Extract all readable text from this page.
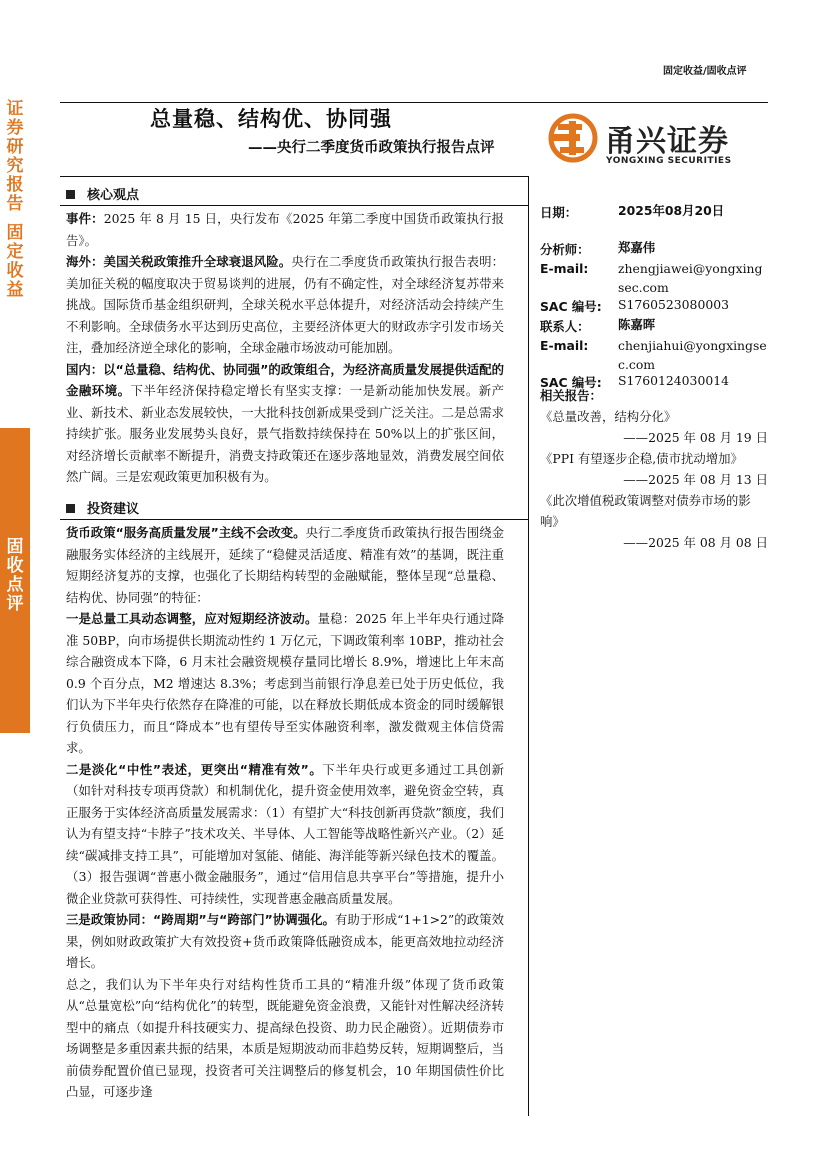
证
券
研
究
报
告
固
定
收
益
固
收
点
评
固定收益/固收点评
总量稳、结构优、协同强
——央行二季度货币政策执行报告点评	甬兴证券
YONGXING SECURITIES
核心观点

事件：2025 年 8 月 15 日，央行发布《2025 年第二季度中国货币政策执行报告》。

海外：美国关税政策推升全球衰退风险。央行在二季度货币政策执行报告表明：美加征关税的幅度取决于贸易谈判的进展，仍有不确定性，对全球经济复苏带来挑战。国际货币基金组织研判，全球关税水平总体提升，对经济活动会持续产生不利影响。全球债务水平达到历史高位，主要经济体更大的财政赤字引发市场关注，叠加经济逆全球化的影响，全球金融市场波动可能加剧。

国内：以“总量稳、结构优、协同强”的政策组合，为经济高质量发展提供适配的金融环境。下半年经济保持稳定增长有坚实支撑：一是新动能加快发展。新产业、新技术、新业态发展较快，一大批科技创新成果受到广泛关注。二是总需求持续扩张。服务业发展势头良好，景气指数持续保持在 50%以上的扩张区间，对经济增长贡献率不断提升，消费支持政策还在逐步落地显效，消费发展空间依然广阔。三是宏观政策更加积极有为。

投资建议

货币政策“服务高质量发展”主线不会改变。央行二季度货币政策执行报告围绕金融服务实体经济的主线展开，延续了“稳健灵活适度、精准有效”的基调，既注重短期经济复苏的支撑，也强化了长期结构转型的金融赋能，整体呈现“总量稳、结构优、协同强”的特征：

一是总量工具动态调整，应对短期经济波动。量稳：2025 年上半年央行通过降准 50BP，向市场提供长期流动性约 1 万亿元，下调政策利率 10BP，推动社会综合融资成本下降，6 月末社会融资规模存量同比增长 8.9%，增速比上年末高 0.9 个百分点，M2 增速达 8.3%；考虑到当前银行净息差已处于历史低位，我们认为下半年央行依然存在降准的可能，以在释放长期低成本资金的同时缓解银行负债压力，而且“降成本”也有望传导至实体融资利率，激发微观主体信贷需求。

二是淡化“中性”表述，更突出“精准有效”。下半年央行或更多通过工具创新（如针对科技专项再贷款）和机制优化，提升资金使用效率，避免资金空转，真正服务于实体经济高质量发展需求：（1）有望扩大“科技创新再贷款”额度，我们认为有望支持“卡脖子”技术攻关、半导体、人工智能等战略性新兴产业。（2）延续“碳减排支持工具”，可能增加对氢能、储能、海洋能等新兴绿色技术的覆盖。（3）报告强调“普惠小微金融服务”，通过“信用信息共享平台”等措施，提升小微企业贷款可获得性、可持续性，实现普惠金融高质量发展。

三是政策协同：“跨周期”与“跨部门”协调强化。有助于形成“1+1>2”的政策效果，例如财政政策扩大有效投资+货币政策降低融资成本，能更高效地拉动经济增长。

总之，我们认为下半年央行对结构性货币工具的“精准升级”体现了货币政策从“总量宽松”向“结构优化”的转型，既能避免资金浪费，又能针对性解决经济转型中的痛点（如提升科技硬实力、提高绿色投资、助力民企融资）。近期债券市场调整是多重因素共振的结果，本质是短期波动而非趋势反转，短期调整后，当前债券配置价值已显现，投资者可关注调整后的修复机会，10 年期国债性价比凸显，可逐步逢

日期：	2025年08月20日
分析师： 郑嘉伟
E-mail: zhengjiawei@yongxingsec.com
SAC 编号: S1760523080003
联系人： 陈嘉晖
E-mail: chenjiahui@yongxingsec.com
SAC 编号: S1760124030014
相关报告：
《总量改善，结构分化》
——2025 年 08 月 19 日
《PPI 有望逐步企稳,债市扰动增加》
——2025 年 08 月 13 日
《此次增值税政策调整对债券市场的影响》
——2025 年 08 月 08 日
